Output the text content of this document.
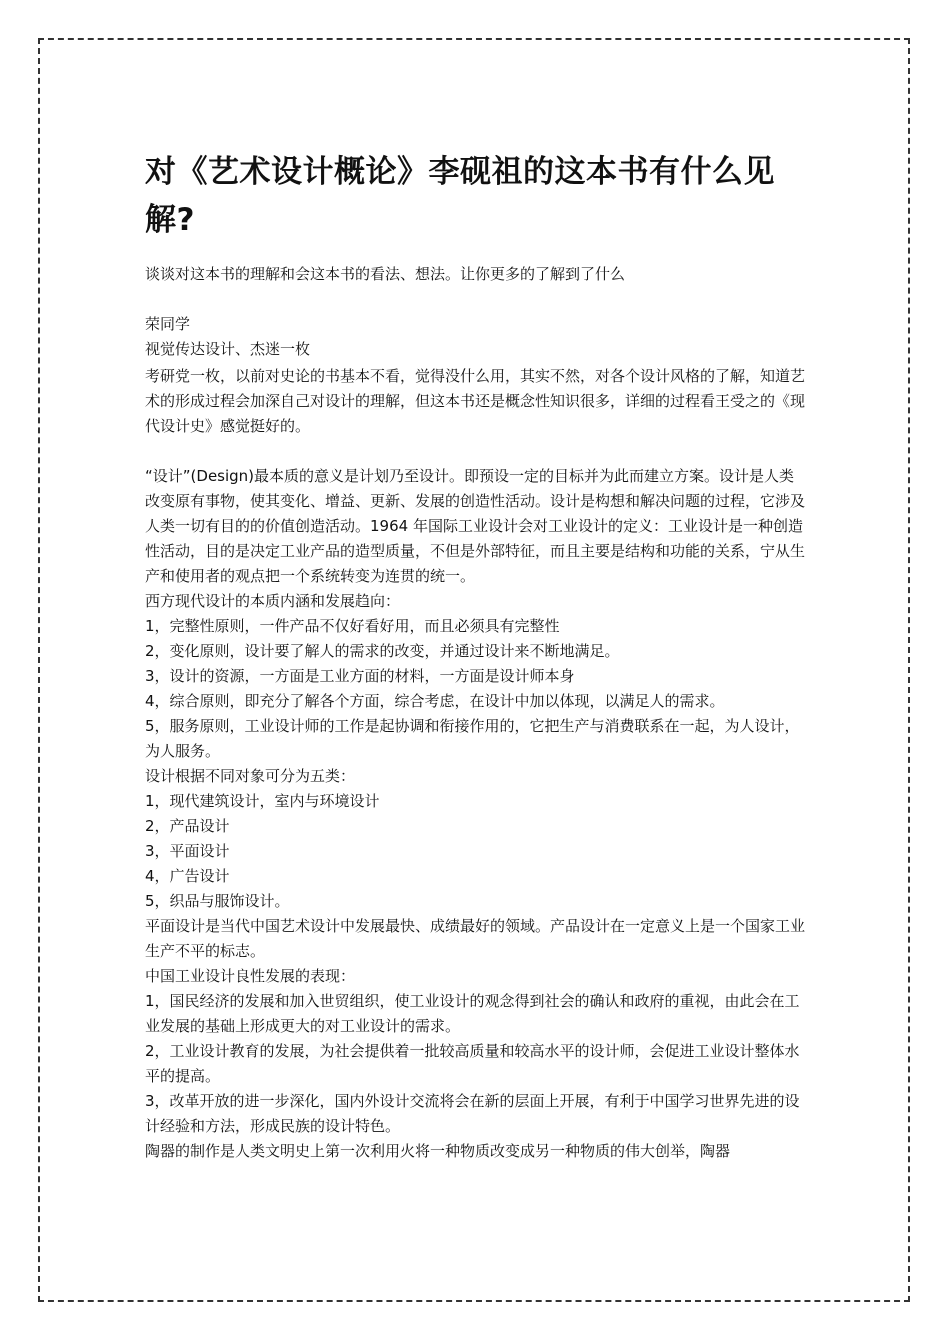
对《艺术设计概论》李砚祖的这本书有什么见解?

谈谈对这本书的理解和会这本书的看法、想法。让你更多的了解到了什么

荣同学
视觉传达设计、杰迷一枚

考研党一枚，以前对史论的书基本不看，觉得没什么用，其实不然，对各个设计风格的了解，知道艺术的形成过程会加深自己对设计的理解，但这本书还是概念性知识很多，详细的过程看王受之的《现代设计史》感觉挺好的。

“设计”(Design)最本质的意义是计划乃至设计。即预设一定的目标并为此而建立方案。设计是人类改变原有事物，使其变化、增益、更新、发展的创造性活动。设计是构想和解决问题的过程，它涉及人类一切有目的的价值创造活动。1964 年国际工业设计会对工业设计的定义：工业设计是一种创造性活动，目的是决定工业产品的造型质量，不但是外部特征，而且主要是结构和功能的关系，宁从生产和使用者的观点把一个系统转变为连贯的统一。

西方现代设计的本质内涵和发展趋向：

1，完整性原则，一件产品不仅好看好用，而且必须具有完整性

2，变化原则，设计要了解人的需求的改变，并通过设计来不断地满足。

3，设计的资源，一方面是工业方面的材料，一方面是设计师本身

4，综合原则，即充分了解各个方面，综合考虑，在设计中加以体现，以满足人的需求。

5，服务原则，工业设计师的工作是起协调和衔接作用的，它把生产与消费联系在一起，为人设计，为人服务。

设计根据不同对象可分为五类：

1，现代建筑设计，室内与环境设计

2，产品设计

3，平面设计

4，广告设计

5，织品与服饰设计。

平面设计是当代中国艺术设计中发展最快、成绩最好的领域。产品设计在一定意义上是一个国家工业生产不平的标志。

中国工业设计良性发展的表现：

1，国民经济的发展和加入世贸组织，使工业设计的观念得到社会的确认和政府的重视，由此会在工业发展的基础上形成更大的对工业设计的需求。

2，工业设计教育的发展，为社会提供着一批较高质量和较高水平的设计师，会促进工业设计整体水平的提高。

3，改革开放的进一步深化，国内外设计交流将会在新的层面上开展，有利于中国学习世界先进的设计经验和方法，形成民族的设计特色。

陶器的制作是人类文明史上第一次利用火将一种物质改变成另一种物质的伟大创举，陶器
